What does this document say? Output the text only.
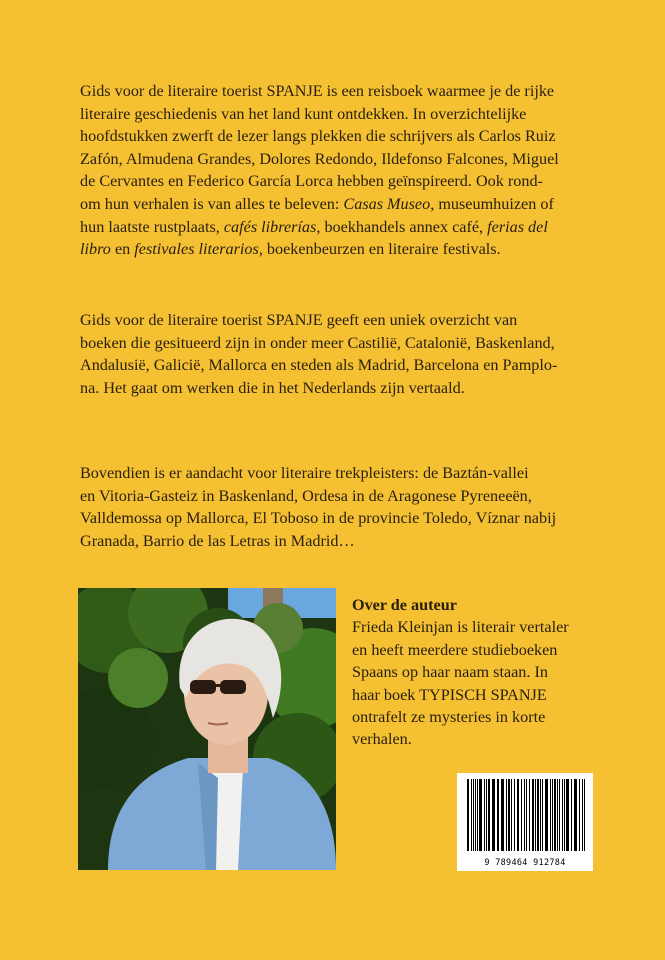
Gids voor de literaire toerist SPANJE is een reisboek waarmee je de rijke
literaire geschiedenis van het land kunt ontdekken. In overzichtelijke
hoofdstukken zwerft de lezer langs plekken die schrijvers als Carlos Ruiz
Zafón, Almudena Grandes, Dolores Redondo, Ildefonso Falcones, Miguel
de Cervantes en Federico García Lorca hebben geïnspireerd. Ook rond-
om hun verhalen is van alles te beleven: Casas Museo, museumhuizen of
hun laatste rustplaats, cafés librerías, boekhandels annex café, ferias del
libro en festivales literarios, boekenbeurzen en literaire festivals.

Gids voor de literaire toerist SPANJE geeft een uniek overzicht van
boeken die gesitueerd zijn in onder meer Castilië, Catalonië, Baskenland,
Andalusië, Galicië, Mallorca en steden als Madrid, Barcelona en Pamplo-
na. Het gaat om werken die in het Nederlands zijn vertaald.

Bovendien is er aandacht voor literaire trekpleisters: de Baztán-vallei
en Vitoria-Gasteiz in Baskenland, Ordesa in de Aragonese Pyreneeën,
Valldemossa op Mallorca, El Toboso in de provincie Toledo, Víznar nabij
Granada, Barrio de las Letras in Madrid…

Over de auteur
Frieda Kleinjan is literair vertaler
en heeft meerdere studieboeken
Spaans op haar naam staan. In
haar boek TYPISCH SPANJE
ontrafelt ze mysteries in korte
verhalen.
9 789464 912784
